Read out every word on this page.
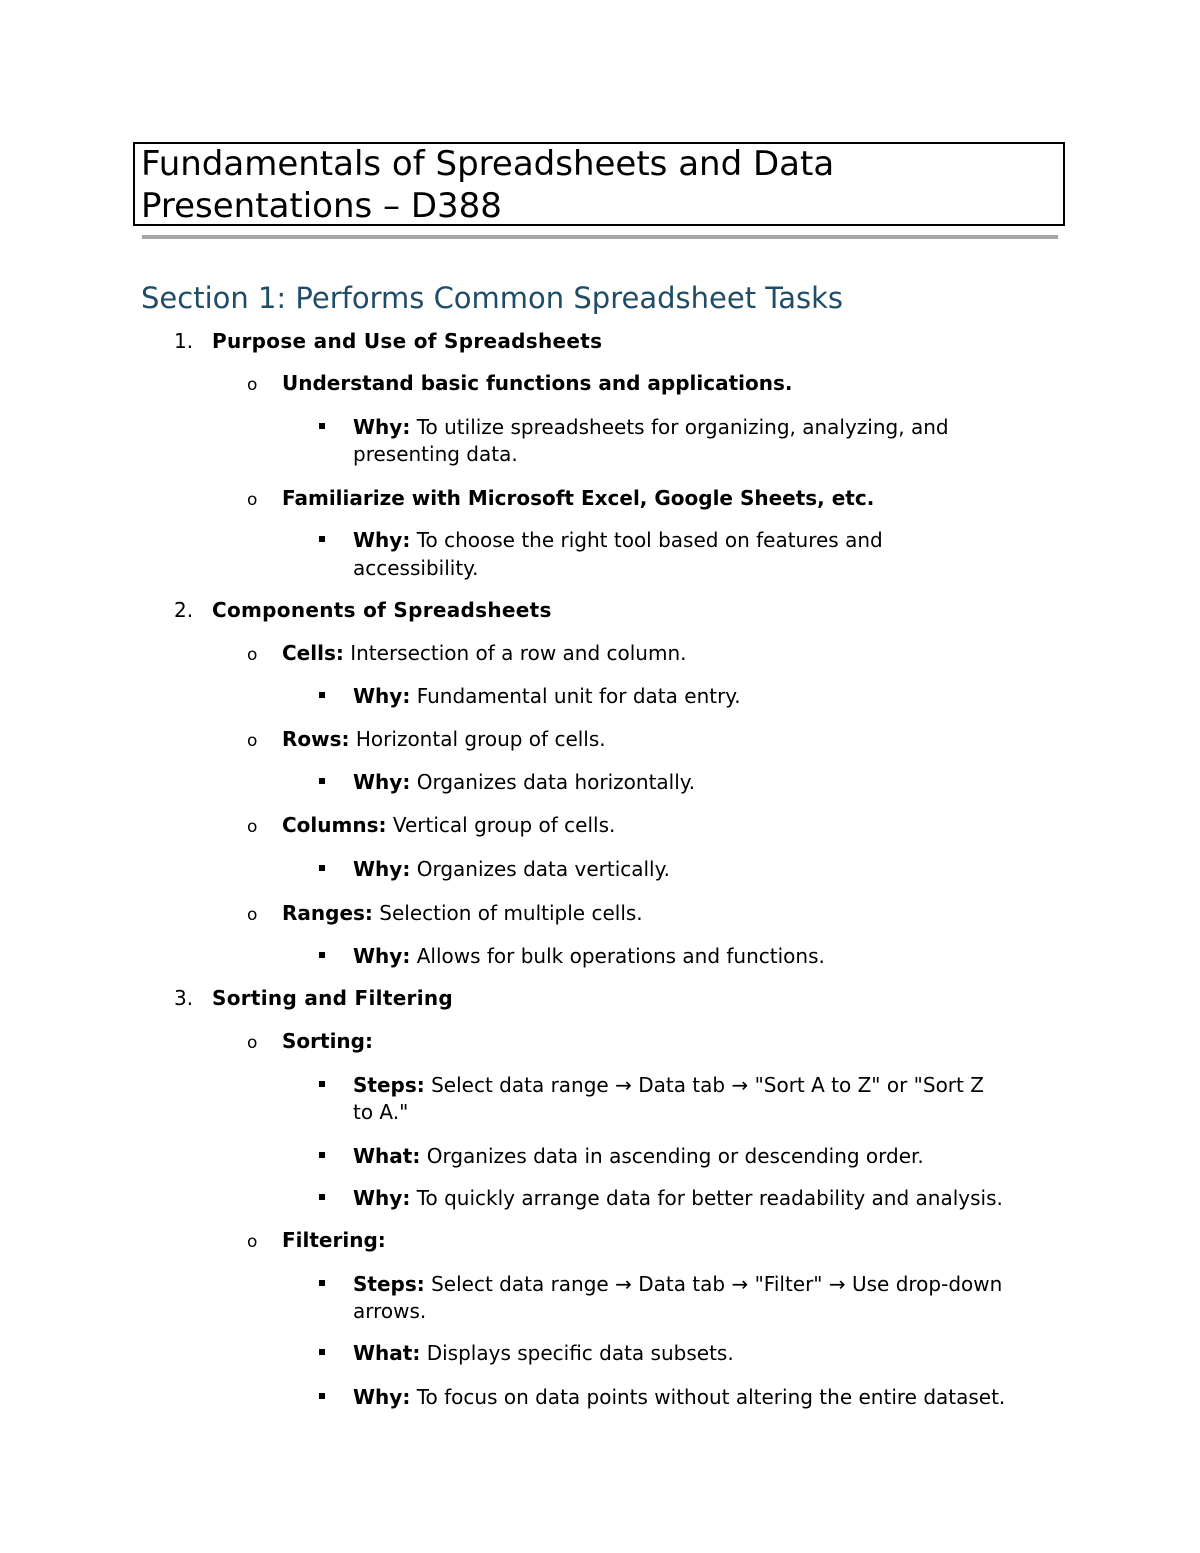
Fundamentals of Spreadsheets and Data
Presentations – D388
Section 1: Performs Common Spreadsheet Tasks
1. Purpose and Use of Spreadsheets
o Understand basic functions and applications.
Why: To utilize spreadsheets for organizing, analyzing, and
presenting data.
o Familiarize with Microsoft Excel, Google Sheets, etc.
Why: To choose the right tool based on features and
accessibility.
2. Components of Spreadsheets
o Cells: Intersection of a row and column.
Why: Fundamental unit for data entry.
o Rows: Horizontal group of cells.
Why: Organizes data horizontally.
o Columns: Vertical group of cells.
Why: Organizes data vertically.
o Ranges: Selection of multiple cells.
Why: Allows for bulk operations and functions.
3. Sorting and Filtering
o Sorting:
Steps: Select data range → Data tab → "Sort A to Z" or "Sort Z
to A."
What: Organizes data in ascending or descending order.
Why: To quickly arrange data for better readability and analysis.
o Filtering:
Steps: Select data range → Data tab → "Filter" → Use drop-down
arrows.
What: Displays specific data subsets.
Why: To focus on data points without altering the entire dataset.
